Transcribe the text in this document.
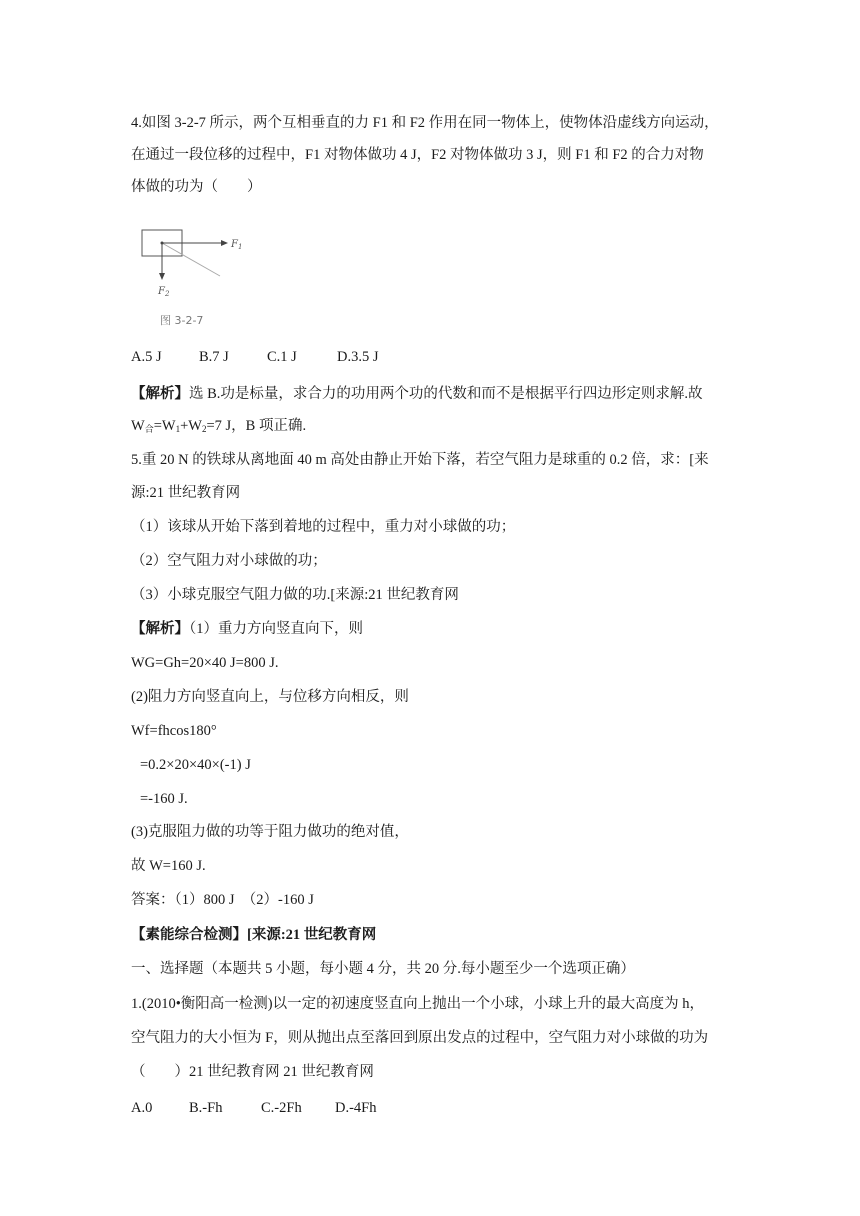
4.如图 3-2-7 所示，两个互相垂直的力 F1 和 F2 作用在同一物体上，使物体沿虚线方向运动，
在通过一段位移的过程中，F1 对物体做功 4 J，F2 对物体做功 3 J，则 F1 和 F2 的合力对物
体做的功为（　　）
$F_1$
$F_2$
图 3-2-7
A.5 J	B.7 J	C.1 J	D.3.5 J
【解析】选 B.功是标量，求合力的功用两个功的代数和而不是根据平行四边形定则求解.故
$W_合=W_1+W_2=7$ J，B 项正确.
5.重 20 N 的铁球从离地面 40 m 高处由静止开始下落，若空气阻力是球重的 0.2 倍，求：[来
源:21 世纪教育网
（1）该球从开始下落到着地的过程中，重力对小球做的功；
（2）空气阻力对小球做的功；
（3）小球克服空气阻力做的功.[来源:21 世纪教育网
【解析】（1）重力方向竖直向下，则
WG=Gh=20×40 J=800 J.
(2)阻力方向竖直向上，与位移方向相反，则
Wf=fhcos180°
=0.2×20×40×(-1) J
=-160 J.
(3)克服阻力做的功等于阻力做功的绝对值，
故 W=160 J.
答案：（1）800 J　（2）-160 J
【素能综合检测】[来源:21 世纪教育网
一、选择题（本题共 5 小题，每小题 4 分，共 20 分.每小题至少一个选项正确）
1.(2010•衡阳高一检测)以一定的初速度竖直向上抛出一个小球，小球上升的最大高度为 h，
空气阻力的大小恒为 F，则从抛出点至落回到原出发点的过程中，空气阻力对小球做的功为
（　　）21 世纪教育网 21 世纪教育网
A.0	B.-Fh	C.-2Fh D.-4Fh
